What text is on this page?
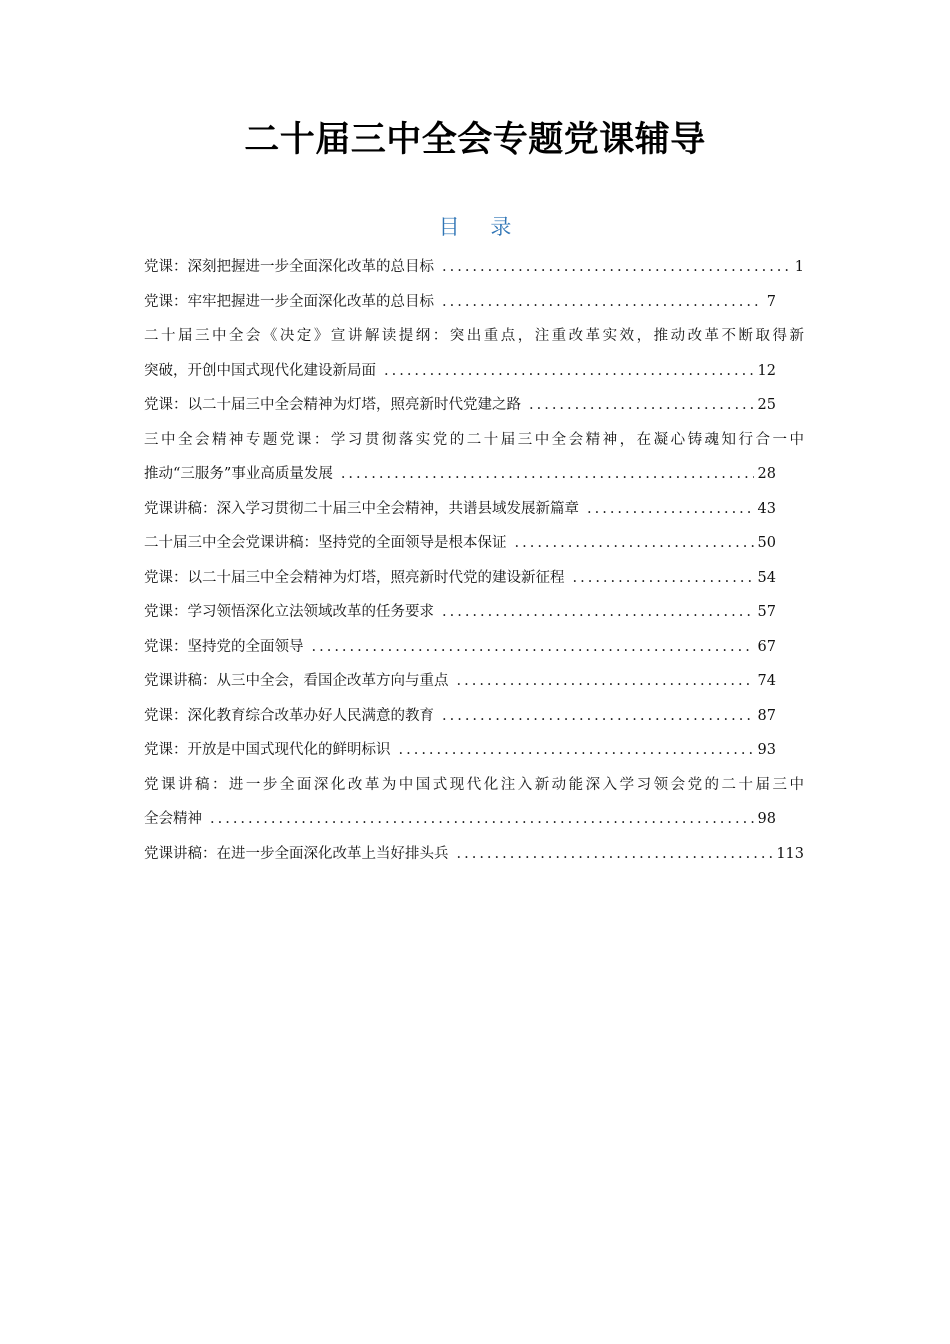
二十届三中全会专题党课辅导
目 录
党课：深刻把握进一步全面深化改革的总目标 .....	1
党课：牢牢把握进一步全面深化改革的总目标 .....	7
二十届三中全会《决定》宣讲解读提纲：突出重点，注重改革实效，推动改革不断取得新
突破，开创中国式现代化建设新局面 .....	12
党课：以二十届三中全会精神为灯塔，照亮新时代党建之路 .....	25
三中全会精神专题党课：学习贯彻落实党的二十届三中全会精神，在凝心铸魂知行合一中
推动“三服务”事业高质量发展 .....	28
党课讲稿：深入学习贯彻二十届三中全会精神，共谱县域发展新篇章 .....	43
二十届三中全会党课讲稿：坚持党的全面领导是根本保证 .....	50
党课：以二十届三中全会精神为灯塔，照亮新时代党的建设新征程 .....	54
党课：学习领悟深化立法领域改革的任务要求 .....	57
党课：坚持党的全面领导 .....	67
党课讲稿：从三中全会，看国企改革方向与重点 .....	74
党课：深化教育综合改革办好人民满意的教育 .....	87
党课：开放是中国式现代化的鲜明标识 .....	93
党课讲稿：进一步全面深化改革为中国式现代化注入新动能深入学习领会党的二十届三中
全会精神 .....	98
党课讲稿：在进一步全面深化改革上当好排头兵 .....	113
